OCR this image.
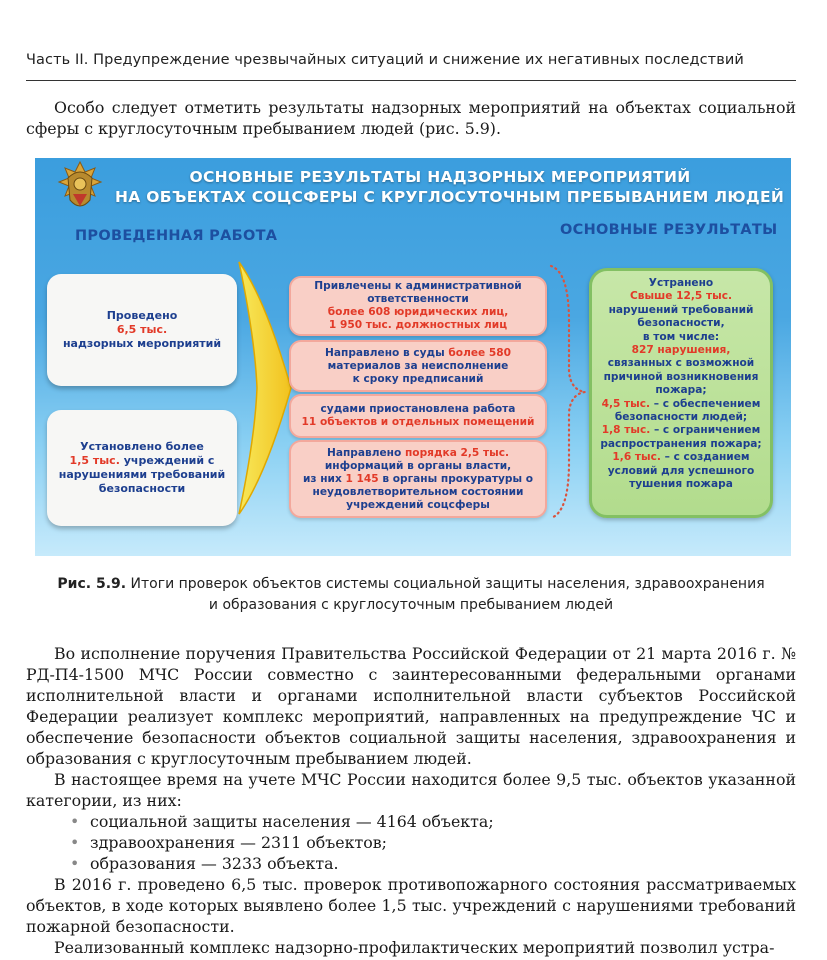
Часть II. Предупреждение чрезвычайных ситуаций и снижение их негативных последствий
Особо следует отметить результаты надзорных мероприятий на объектах социальной сферы с круглосуточным пребыванием людей (рис. 5.9).
ОСНОВНЫЕ РЕЗУЛЬТАТЫ НАДЗОРНЫХ МЕРОПРИЯТИЙ
НА ОБЪЕКТАХ СОЦСФЕРЫ С КРУГЛОСУТОЧНЫМ ПРЕБЫВАНИЕМ ЛЮДЕЙ
ПРОВЕДЕННАЯ РАБОТА	ОСНОВНЫЕ РЕЗУЛЬТАТЫ
Проведено
6,5 тыс.
надзорных мероприятий
Установлено более
1,5 тыс. учреждений с
нарушениями требований
безопасности
Привлечены к административной
ответственности
более 608 юридических лиц,
1 950 тыс. должностных лиц
Направлено в суды более 580
материалов за неисполнение
к сроку предписаний
судами приостановлена работа
11 объектов и отдельных помещений
Направлено порядка 2,5 тыс.
информаций в органы власти,
из них 1 145 в органы прокуратуры о
неудовлетворительном состоянии
учреждений соцсферы
Устранено
Свыше 12,5 тыс.
нарушений требований
безопасности,
в том числе:
827 нарушения,
связанных с возможной
причиной возникновения
пожара;
4,5 тыс. – с обеспечением
безопасности людей;
1,8 тыс. – с ограничением
распространения пожара;
1,6 тыс. – с созданием
условий для успешного
тушения пожара
Рис. 5.9. Итоги проверок объектов системы социальной защиты населения, здравоохранения
и образования с круглосуточным пребыванием людей
Во исполнение поручения Правительства Российской Федерации от 21 марта 2016 г. № РД-П4-1500 МЧС России совместно с заинтересованными федеральными органами исполнительной власти и органами исполнительной власти субъектов Российской Федерации реализует комплекс мероприятий, направленных на предупреждение ЧС и обеспечение безопасности объектов социальной защиты населения, здравоохранения и образования с круглосуточным пребыванием людей.
В настоящее время на учете МЧС России находится более 9,5 тыс. объектов указанной категории, из них:
• социальной защиты населения — 4164 объекта;
• здравоохранения — 2311 объектов;
• образования — 3233 объекта.
В 2016 г. проведено 6,5 тыс. проверок противопожарного состояния рассматриваемых объектов, в ходе которых выявлено более 1,5 тыс. учреждений с нарушениями требований пожарной безопасности.
Реализованный комплекс надзорно-профилактических мероприятий позволил устра-
